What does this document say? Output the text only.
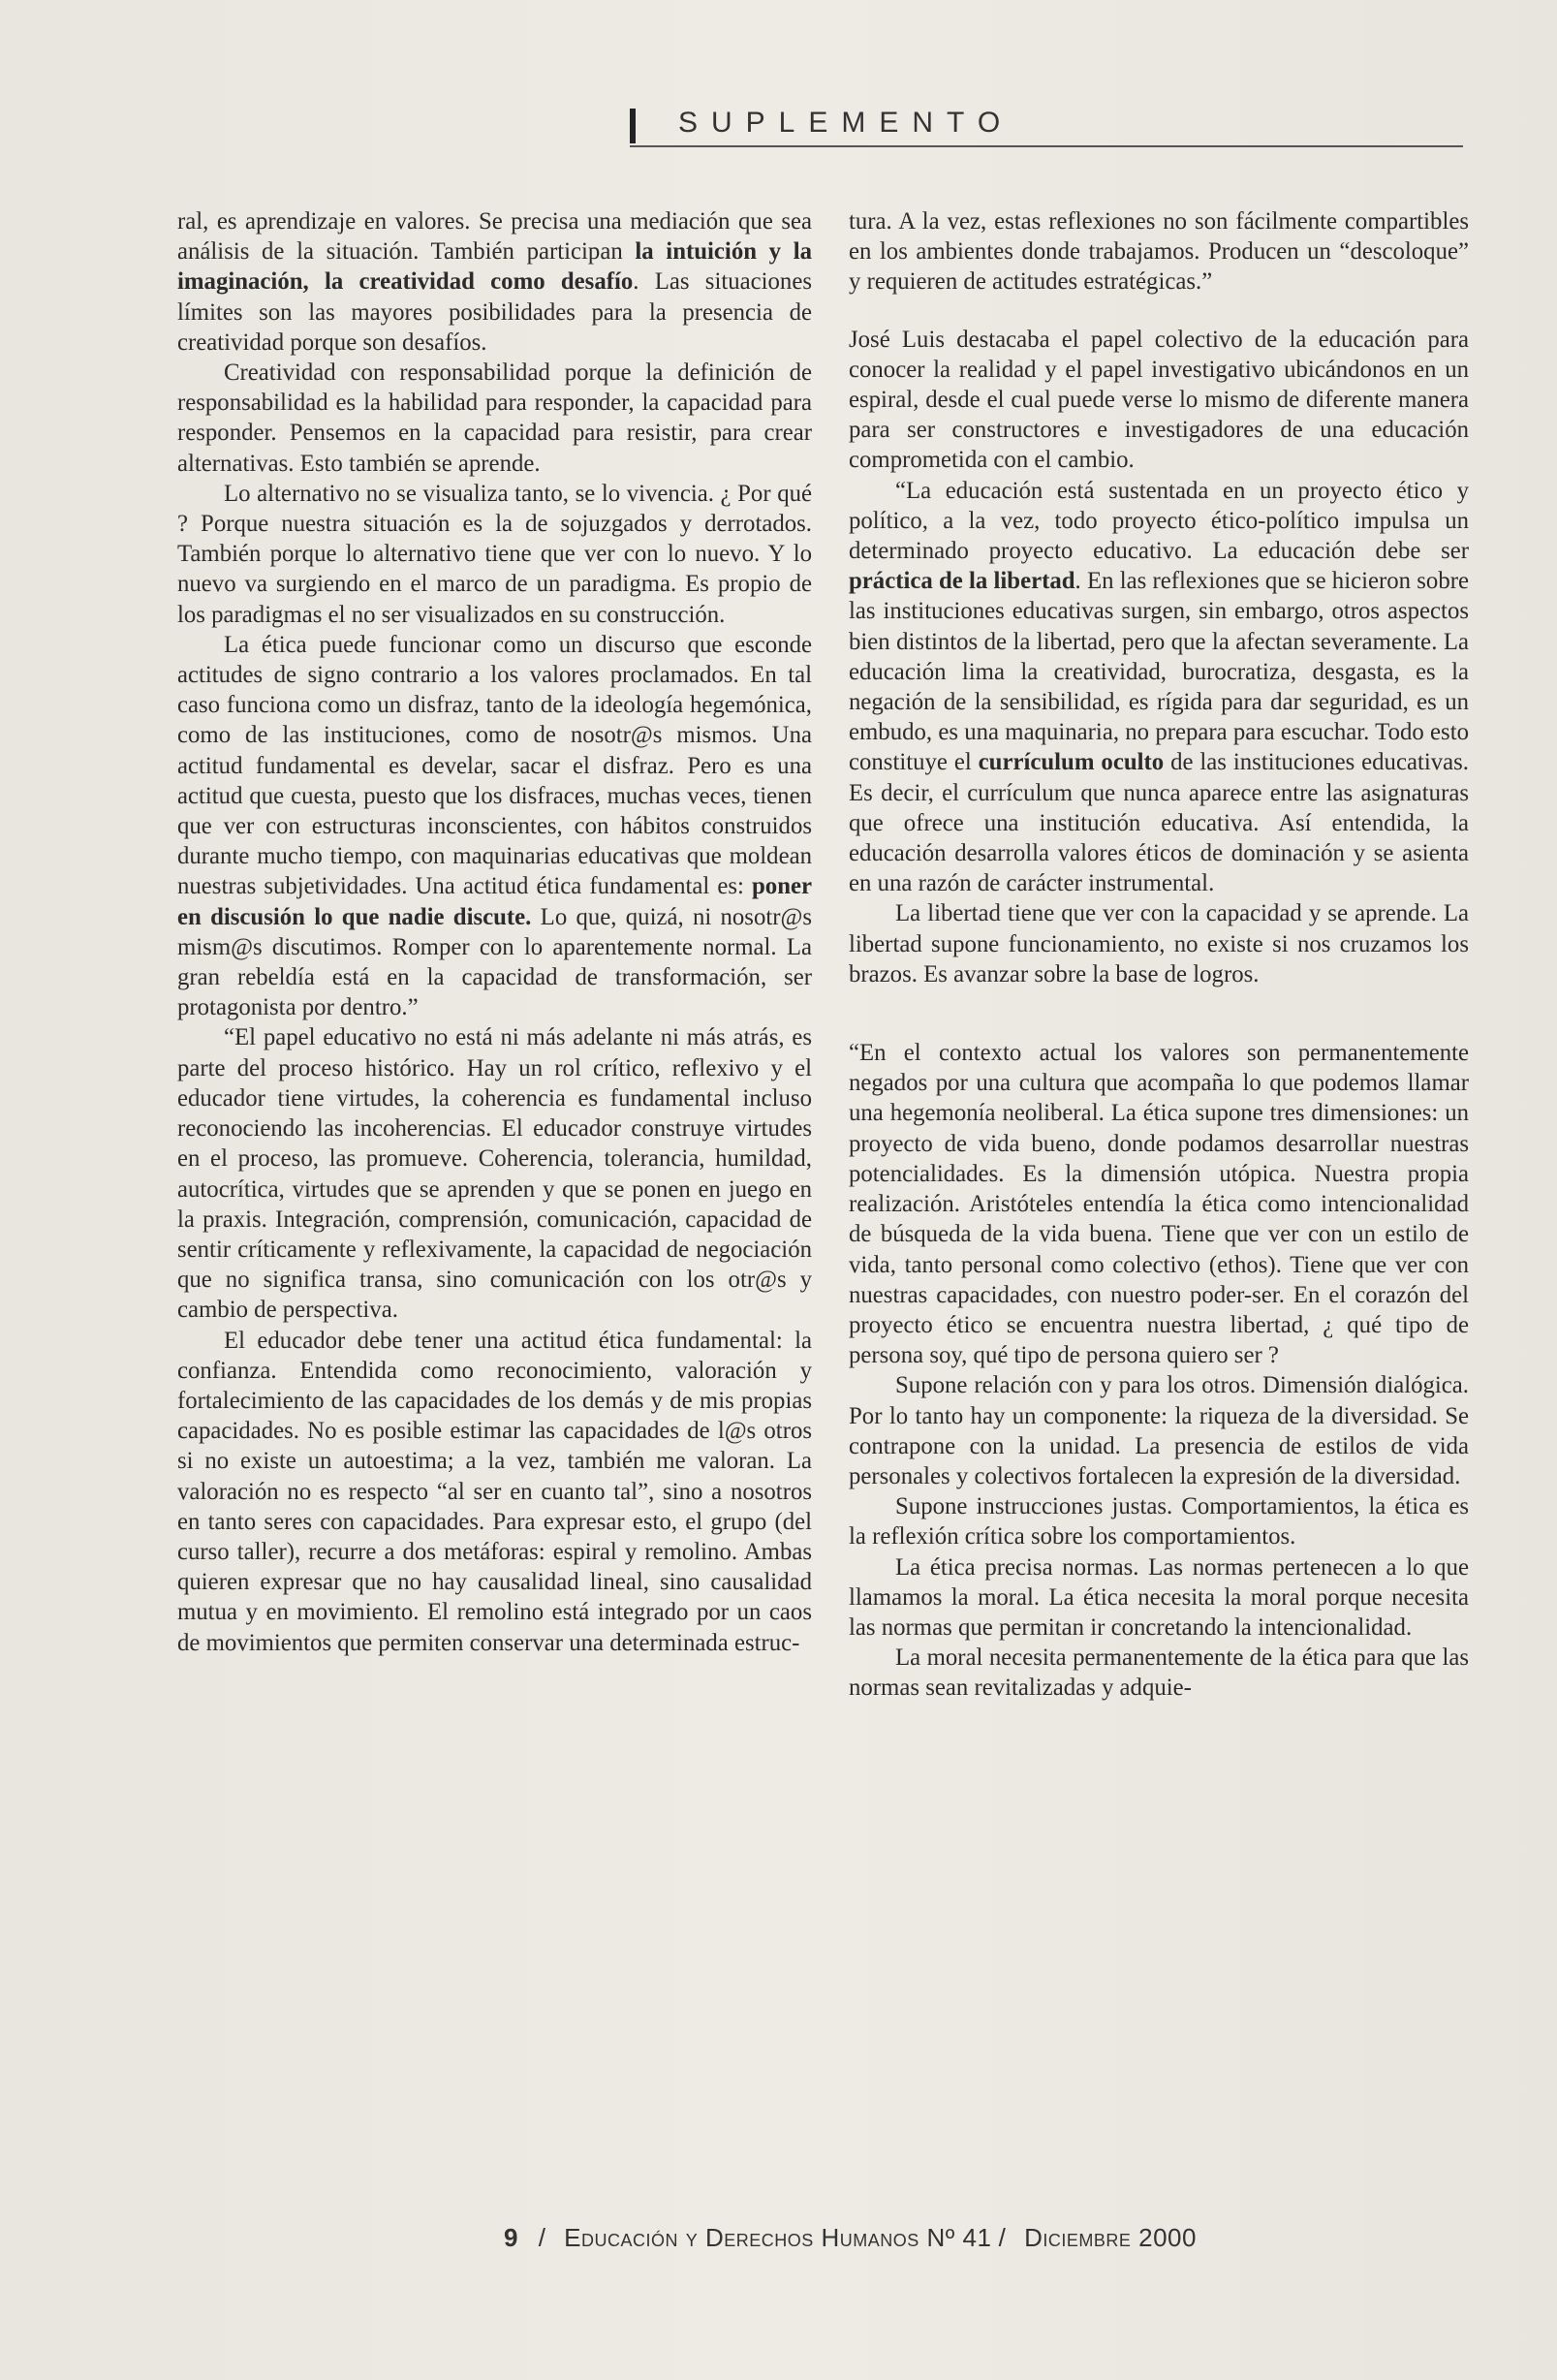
SUPLEMENTO

ral, es aprendizaje en valores. Se precisa una mediación que sea análisis de la situación. También participan la intuición y la imaginación, la creatividad como desafío. Las situaciones límites son las mayores posibilidades para la presencia de creatividad porque son desafíos.

Creatividad con responsabilidad porque la definición de responsabilidad es la habilidad para responder, la capacidad para responder. Pensemos en la capacidad para resistir, para crear alternativas. Esto también se aprende.

Lo alternativo no se visualiza tanto, se lo vivencia. ¿ Por qué ? Porque nuestra situación es la de sojuzgados y derrotados. También porque lo alternativo tiene que ver con lo nuevo. Y lo nuevo va surgiendo en el marco de un paradigma. Es propio de los paradigmas el no ser visualizados en su construcción.

La ética puede funcionar como un discurso que esconde actitudes de signo contrario a los valores proclamados. En tal caso funciona como un disfraz, tanto de la ideología hegemónica, como de las instituciones, como de nosotr@s mismos. Una actitud fundamental es develar, sacar el disfraz. Pero es una actitud que cuesta, puesto que los disfraces, muchas veces, tienen que ver con estructuras inconscientes, con hábitos construidos durante mucho tiempo, con maquinarias educativas que moldean nuestras subjetividades. Una actitud ética fundamental es: poner en discusión lo que nadie discute. Lo que, quizá, ni nosotr@s mism@s discutimos. Romper con lo aparentemente normal. La gran rebeldía está en la capacidad de transformación, ser protagonista por dentro.”

“El papel educativo no está ni más adelante ni más atrás, es parte del proceso histórico. Hay un rol crítico, reflexivo y el educador tiene virtudes, la coherencia es fundamental incluso reconociendo las incoherencias. El educador construye virtudes en el proceso, las promueve. Coherencia, tolerancia, humildad, autocrítica, virtudes que se aprenden y que se ponen en juego en la praxis. Integración, comprensión, comunicación, capacidad de sentir críticamente y reflexivamente, la capacidad de negociación que no significa transa, sino comunicación con los otr@s y cambio de perspectiva.

El educador debe tener una actitud ética fundamental: la confianza. Entendida como reconocimiento, valoración y fortalecimiento de las capacidades de los demás y de mis propias capacidades. No es posible estimar las capacidades de l@s otros si no existe un autoestima; a la vez, también me valoran. La valoración no es respecto “al ser en cuanto tal”, sino a nosotros en tanto seres con capacidades. Para expresar esto, el grupo (del curso taller), recurre a dos metáforas: espiral y remolino. Ambas quieren expresar que no hay causalidad lineal, sino causalidad mutua y en movimiento. El remolino está integrado por un caos de movimientos que permiten conservar una determinada estruc-

tura. A la vez, estas reflexiones no son fácilmente compartibles en los ambientes donde trabajamos. Producen un “descoloque” y requieren de actitudes estratégicas.”

José Luis destacaba el papel colectivo de la educación para conocer la realidad y el papel investigativo ubicándonos en un espiral, desde el cual puede verse lo mismo de diferente manera para ser constructores e investigadores de una educación comprometida con el cambio.

“La educación está sustentada en un proyecto ético y político, a la vez, todo proyecto ético-político impulsa un determinado proyecto educativo. La educación debe ser práctica de la libertad. En las reflexiones que se hicieron sobre las instituciones educativas surgen, sin embargo, otros aspectos bien distintos de la libertad, pero que la afectan severamente. La educación lima la creatividad, burocratiza, desgasta, es la negación de la sensibilidad, es rígida para dar seguridad, es un embudo, es una maquinaria, no prepara para escuchar. Todo esto constituye el currículum oculto de las instituciones educativas. Es decir, el currículum que nunca aparece entre las asignaturas que ofrece una institución educativa. Así entendida, la educación desarrolla valores éticos de dominación y se asienta en una razón de carácter instrumental.

La libertad tiene que ver con la capacidad y se aprende. La libertad supone funcionamiento, no existe si nos cruzamos los brazos. Es avanzar sobre la base de logros.

“En el contexto actual los valores son permanentemente negados por una cultura que acompaña lo que podemos llamar una hegemonía neoliberal. La ética supone tres dimensiones: un proyecto de vida bueno, donde podamos desarrollar nuestras potencialidades. Es la dimensión utópica. Nuestra propia realización. Aristóteles entendía la ética como intencionalidad de búsqueda de la vida buena. Tiene que ver con un estilo de vida, tanto personal como colectivo (ethos). Tiene que ver con nuestras capacidades, con nuestro poder-ser. En el corazón del proyecto ético se encuentra nuestra libertad, ¿ qué tipo de persona soy, qué tipo de persona quiero ser ?

Supone relación con y para los otros. Dimensión dialógica. Por lo tanto hay un componente: la riqueza de la diversidad. Se contrapone con la unidad. La presencia de estilos de vida personales y colectivos fortalecen la expresión de la diversidad.

Supone instrucciones justas. Comportamientos, la ética es la reflexión crítica sobre los comportamientos.

La ética precisa normas. Las normas pertenecen a lo que llamamos la moral. La ética necesita la moral porque necesita las normas que permitan ir concretando la intencionalidad.

La moral necesita permanentemente de la ética para que las normas sean revitalizadas y adquie-

9 / Educación y Derechos Humanos Nº 41 / Diciembre 2000
